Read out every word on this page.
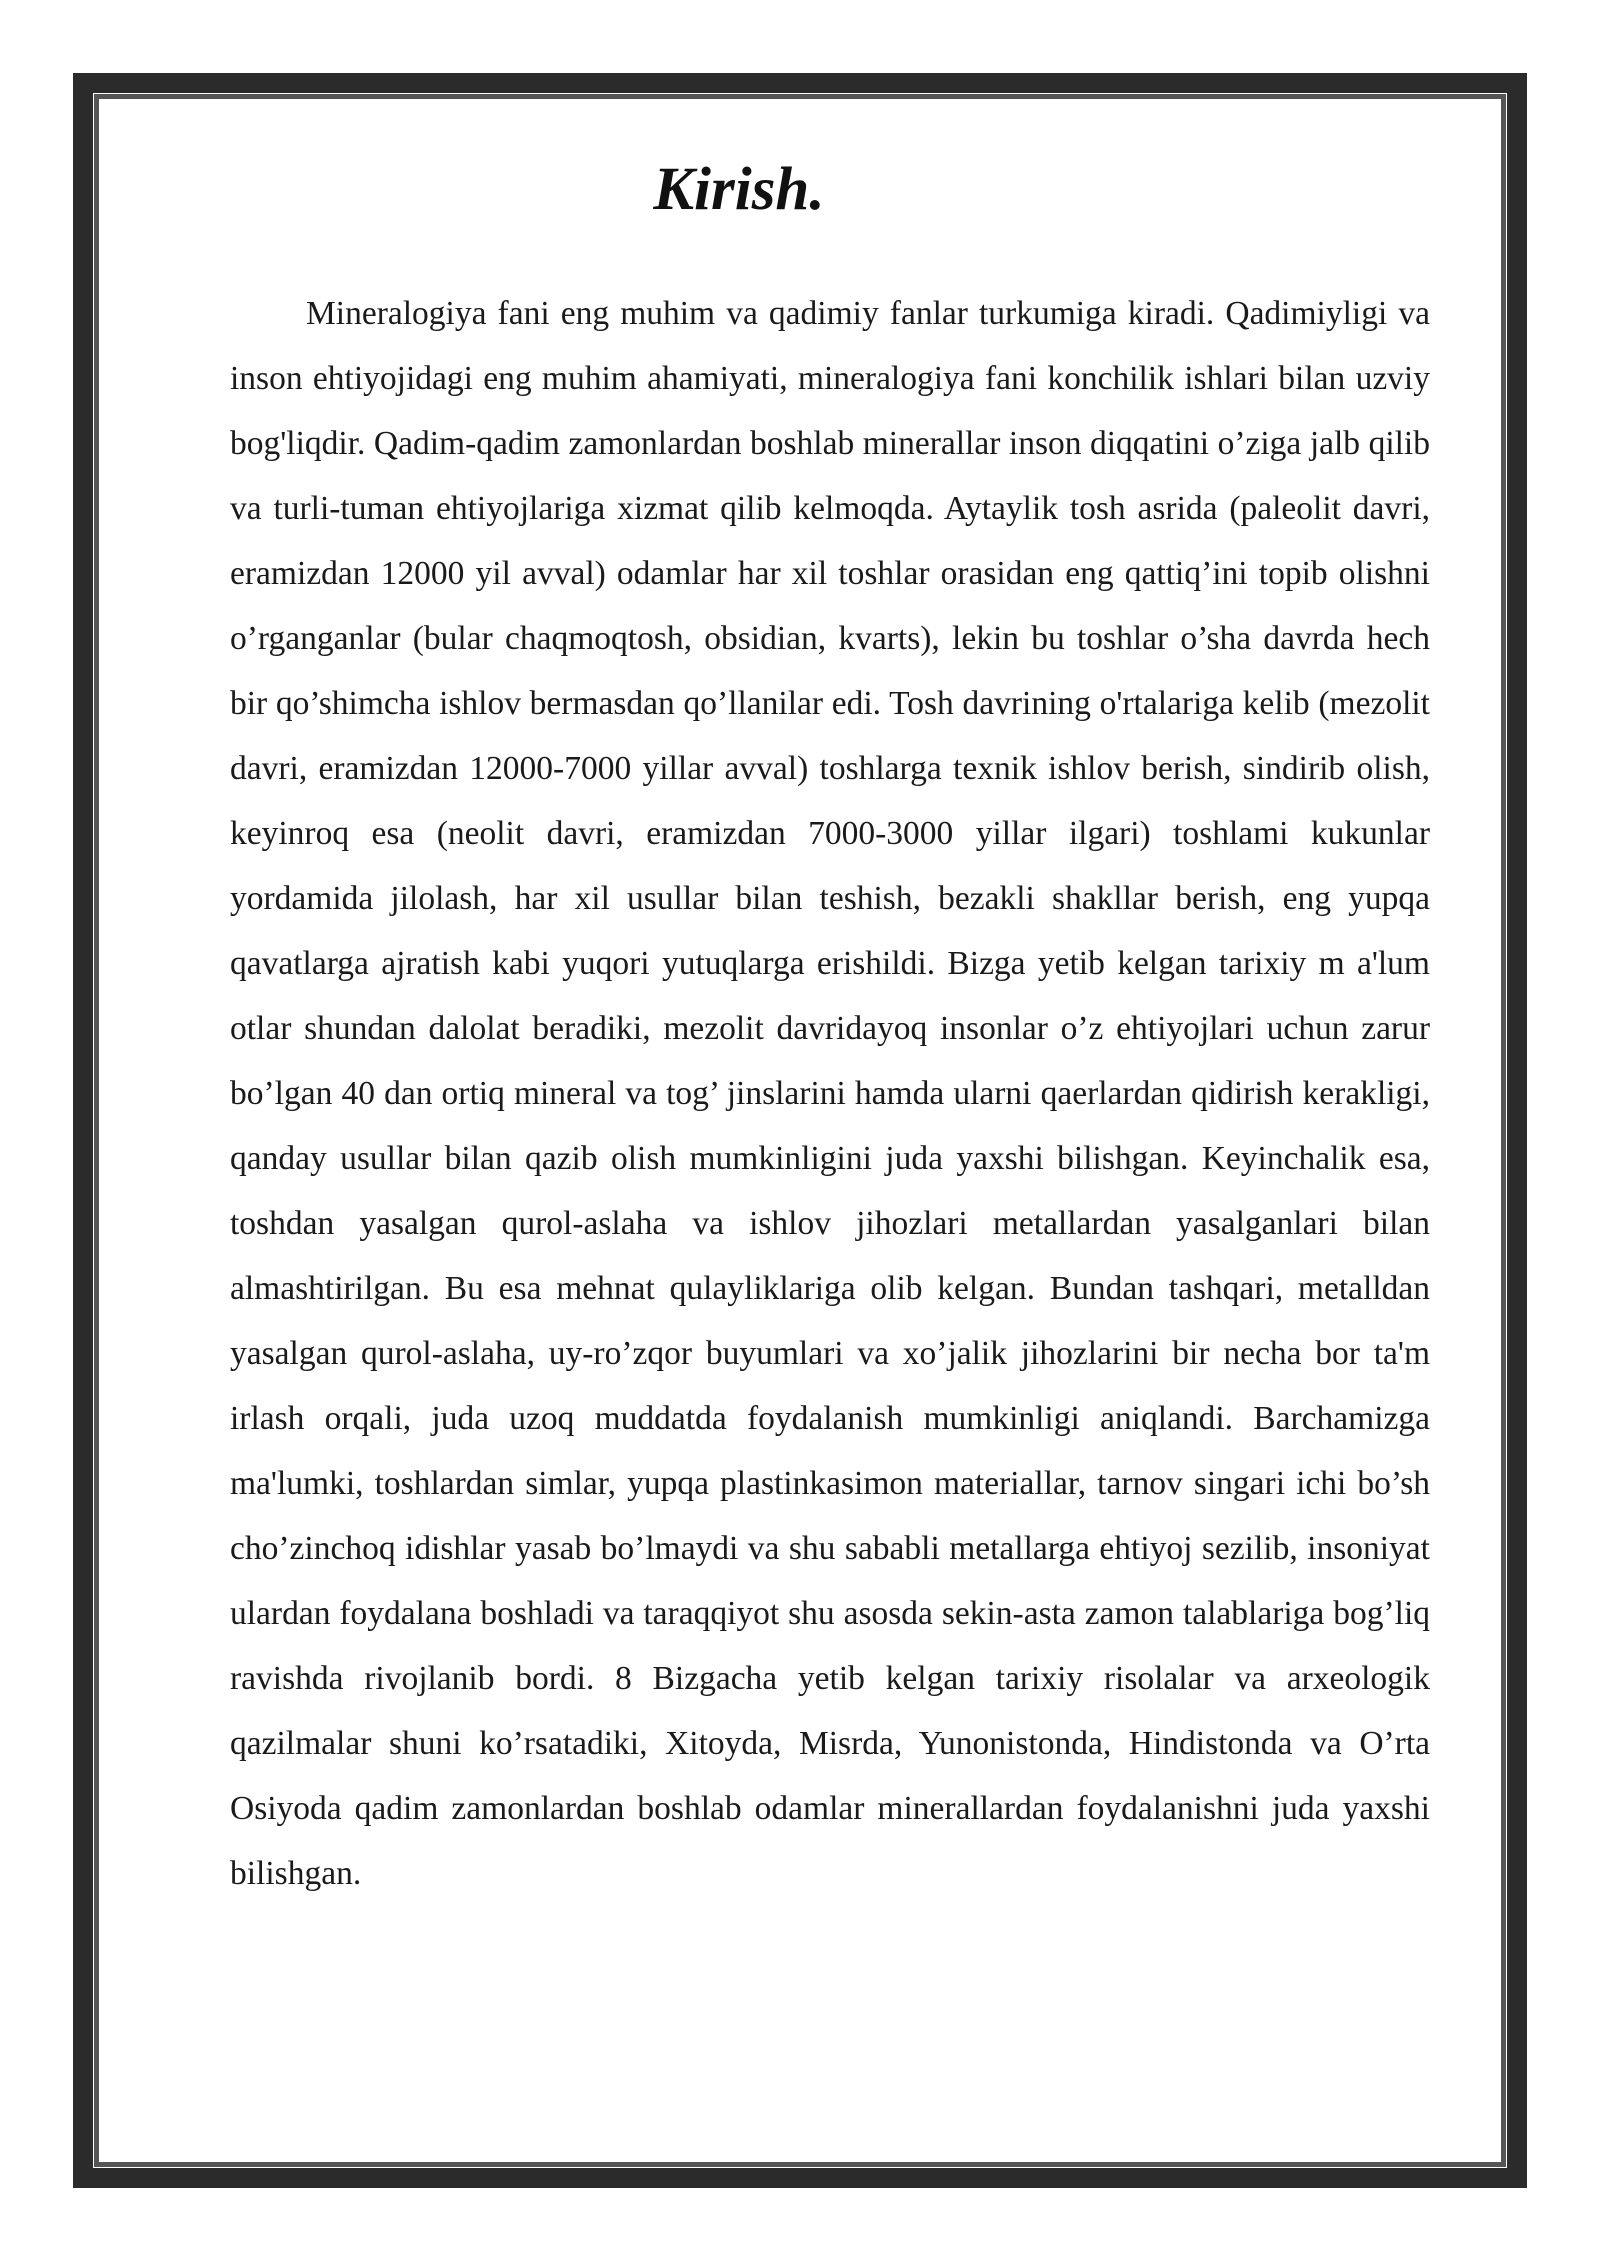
Kirish.

Mineralogiya fani eng muhim va qadimiy fanlar turkumiga kiradi. Qadimiyligi va inson ehtiyojidagi eng muhim ahamiyati, mineralogiya fani konchilik ishlari bilan uzviy bog'liqdir. Qadim-qadim zamonlardan boshlab minerallar inson diqqatini o’ziga jalb qilib va turli-tuman ehtiyojlariga xizmat qilib kelmoqda. Aytaylik tosh asrida (paleolit davri, eramizdan 12000 yil avval) odamlar har xil toshlar orasidan eng qattiq’ini topib olishni o’rganganlar (bular chaqmoqtosh, obsidian, kvarts), lekin bu toshlar o’sha davrda hech bir qo’shimcha ishlov bermasdan qo’llanilar edi. Tosh davrining o'rtalariga kelib (mezolit davri, eramizdan 12000-7000 yillar avval) toshlarga texnik ishlov berish, sindirib olish, keyinroq esa (neolit davri, eramizdan 7000-3000 yillar ilgari) toshlami kukunlar yordamida jilolash, har xil usullar bilan teshish, bezakli shakllar berish, eng yupqa qavatlarga ajratish kabi yuqori yutuqlarga erishildi. Bizga yetib kelgan tarixiy m a'lum otlar shundan dalolat beradiki, mezolit davridayoq insonlar o’z ehtiyojlari uchun zarur bo’lgan 40 dan ortiq mineral va tog’ jinslarini hamda ularni qaerlardan qidirish kerakligi, qanday usullar bilan qazib olish mumkinligini juda yaxshi bilishgan. Keyinchalik esa, toshdan yasalgan qurol-aslaha va ishlov jihozlari metallardan yasalganlari bilan almashtirilgan. Bu esa mehnat qulayliklariga olib kelgan. Bundan tashqari, metalldan yasalgan qurol-aslaha, uy-ro’zqor buyumlari va xo’jalik jihozlarini bir necha bor ta'm irlash orqali, juda uzoq muddatda foydalanish mumkinligi aniqlandi. Barchamizga ma'lumki, toshlardan simlar, yupqa plastinkasimon materiallar, tarnov singari ichi bo’sh cho’zinchoq idishlar yasab bo’lmaydi va shu sababli metallarga ehtiyoj sezilib, insoniyat ulardan foydalana boshladi va taraqqiyot shu asosda sekin-asta zamon talablariga bog’liq ravishda rivojlanib bordi. 8 Bizgacha yetib kelgan tarixiy risolalar va arxeologik qazilmalar shuni ko’rsatadiki, Xitoyda, Misrda, Yunonistonda, Hindistonda va O’rta Osiyoda qadim zamonlardan boshlab odamlar minerallardan foydalanishni juda yaxshi bilishgan.
